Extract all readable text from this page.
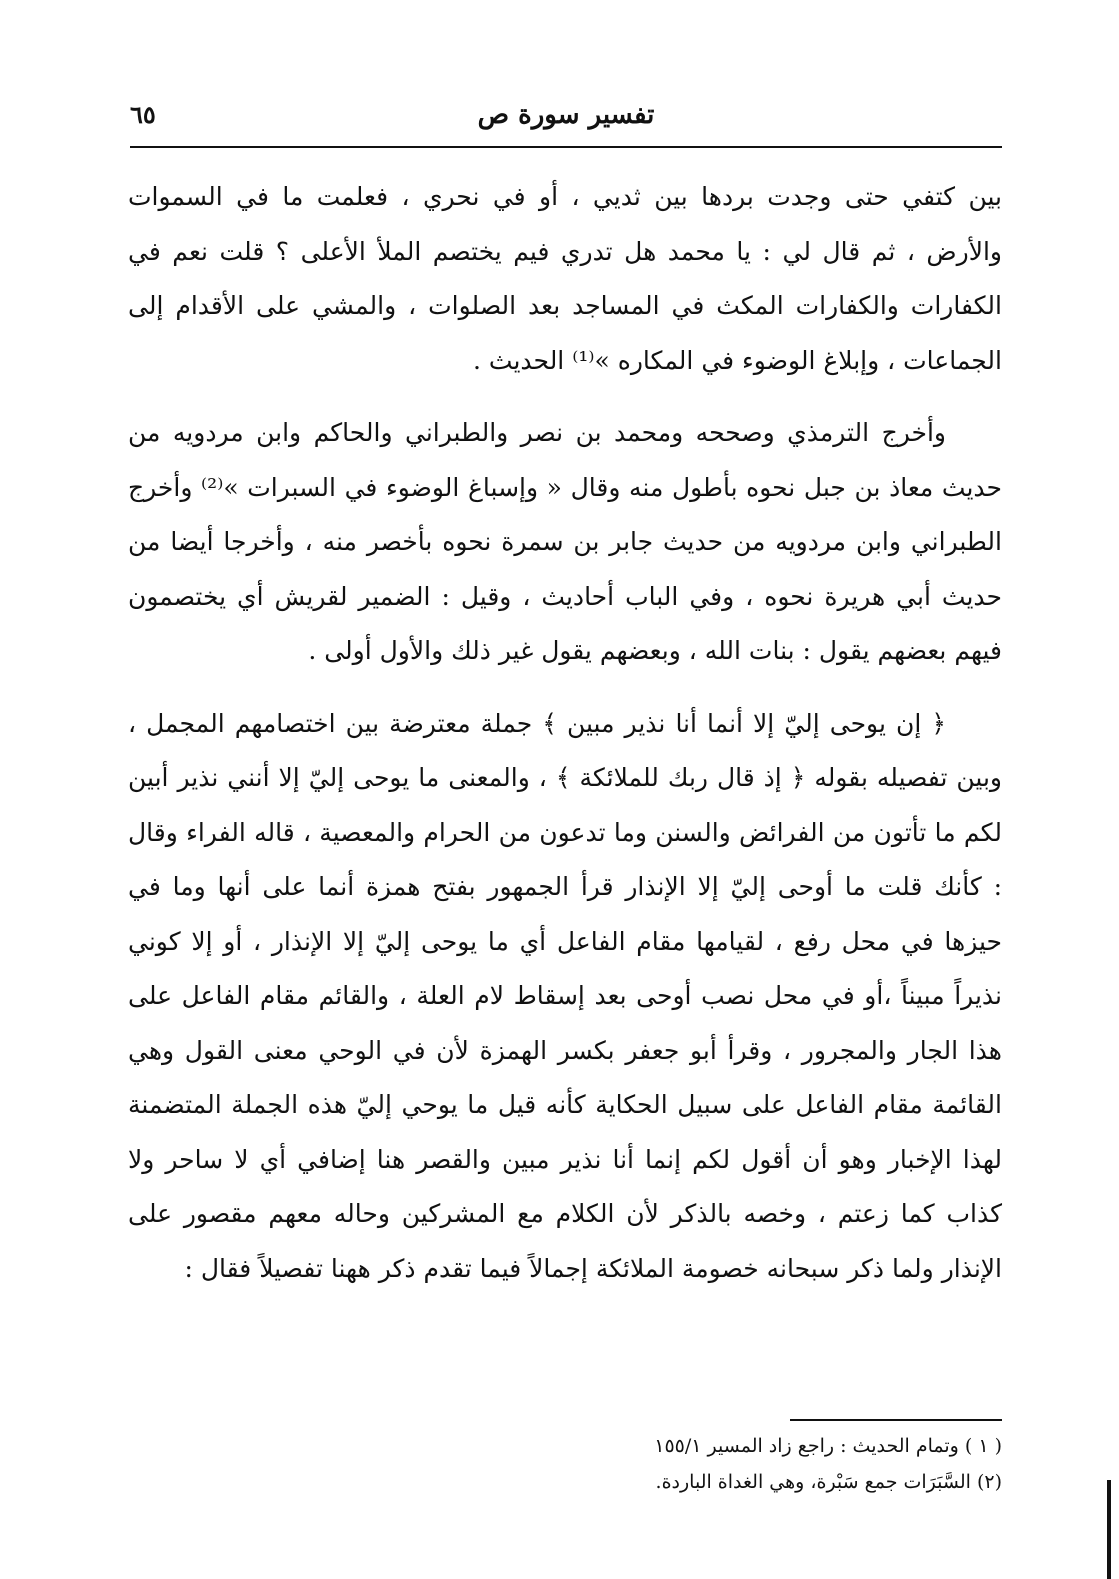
تفسير سورة ص
٦٥

بين كتفي حتى وجدت بردها بين ثديي ، أو في نحري ، فعلمت ما في السموات والأرض ، ثم قال لي : يا محمد هل تدري فيم يختصم الملأ الأعلى ؟ قلت نعم في الكفارات والكفارات المكث في المساجد بعد الصلوات ، والمشي على الأقدام إلى الجماعات ، وإبلاغ الوضوء في المكاره »⁽¹⁾ الحديث .

وأخرج الترمذي وصححه ومحمد بن نصر والطبراني والحاكم وابن مردويه من حديث معاذ بن جبل نحوه بأطول منه وقال « وإسباغ الوضوء في السبرات »⁽²⁾ وأخرج الطبراني وابن مردويه من حديث جابر بن سمرة نحوه بأخصر منه ، وأخرجا أيضا من حديث أبي هريرة نحوه ، وفي الباب أحاديث ، وقيل : الضمير لقريش أي يختصمون فيهم بعضهم يقول : بنات الله ، وبعضهم يقول غير ذلك والأول أولى .

﴿ إن يوحى إليّ إلا أنما أنا نذير مبين ﴾ جملة معترضة بين اختصامهم المجمل ، وبين تفصيله بقوله ﴿ إذ قال ربك للملائكة ﴾ ، والمعنى ما يوحى إليّ إلا أنني نذير أبين لكم ما تأتون من الفرائض والسنن وما تدعون من الحرام والمعصية ، قاله الفراء وقال : كأنك قلت ما أوحى إليّ إلا الإنذار قرأ الجمهور بفتح همزة أنما على أنها وما في حيزها في محل رفع ، لقيامها مقام الفاعل أي ما يوحى إليّ إلا الإنذار ، أو إلا كوني نذيراً مبيناً ،أو في محل نصب أوحى بعد إسقاط لام العلة ، والقائم مقام الفاعل على هذا الجار والمجرور ، وقرأ أبو جعفر بكسر الهمزة لأن في الوحي معنى القول وهي القائمة مقام الفاعل على سبيل الحكاية كأنه قيل ما يوحي إليّ هذه الجملة المتضمنة لهذا الإخبار وهو أن أقول لكم إنما أنا نذير مبين والقصر هنا إضافي أي لا ساحر ولا كذاب كما زعتم ، وخصه بالذكر لأن الكلام مع المشركين وحاله معهم مقصور على الإنذار ولما ذكر سبحانه خصومة الملائكة إجمالاً فيما تقدم ذكر ههنا تفصيلاً فقال :

( ١ ) وتمام الحديث : راجع زاد المسير ١٥٥/١

(٢) السَّبَرَات جمع سَبْرة، وهي الغداة الباردة.
